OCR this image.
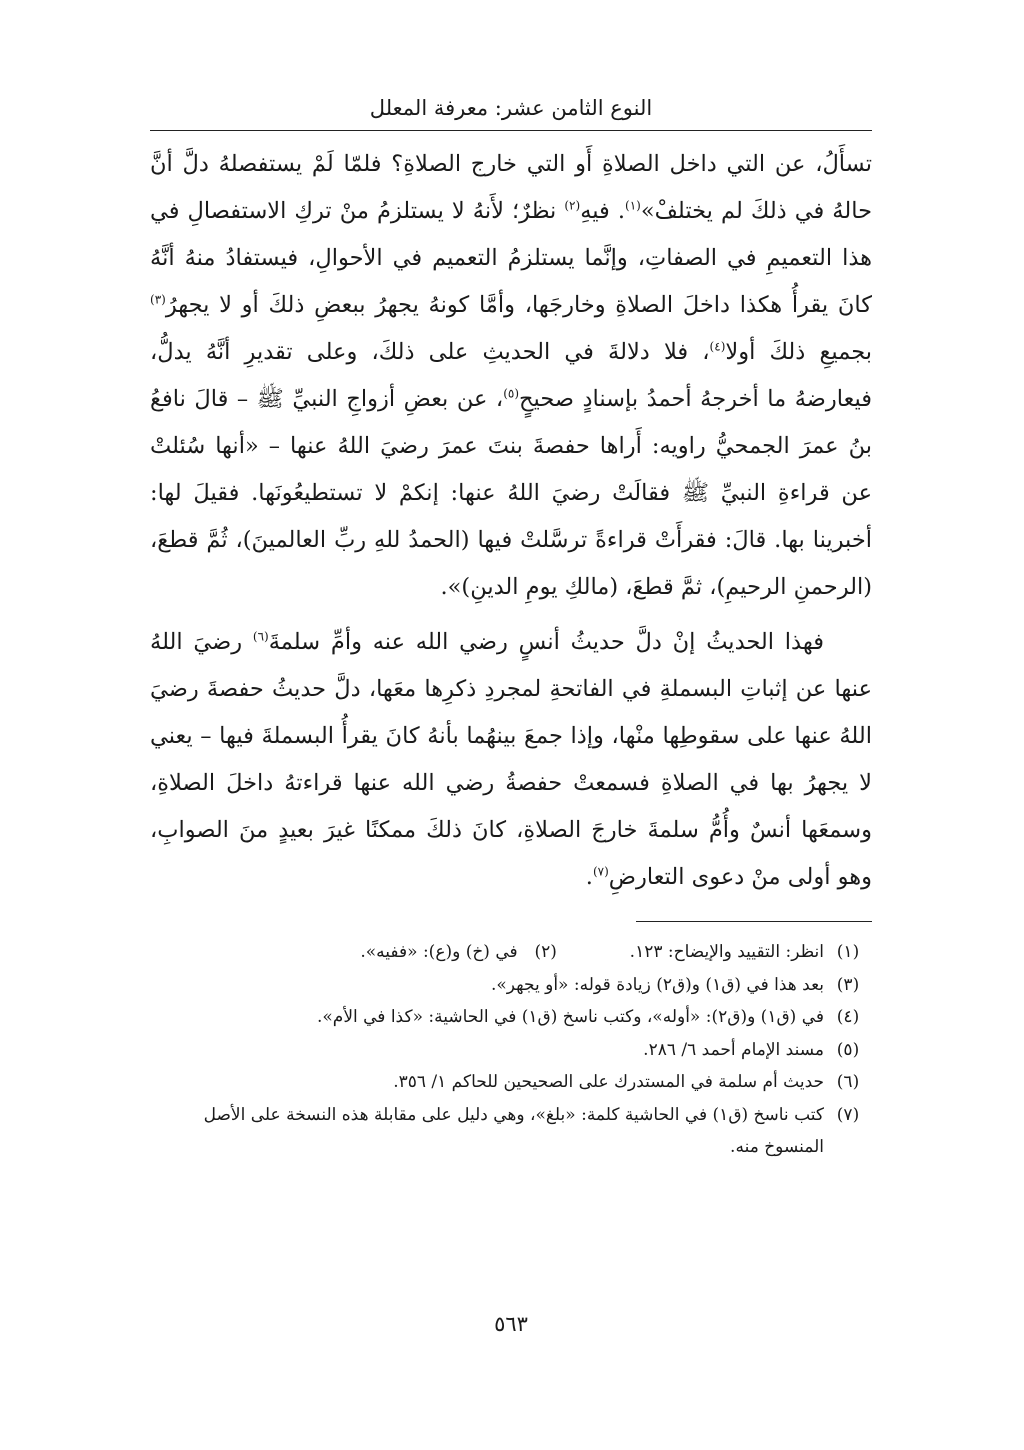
النوع الثامن عشر: معرفة المعلل

تسأَلُ، عن التي داخل الصلاةِ أَو التي خارج الصلاةِ؟ فلمّا لَمْ يستفصلهُ دلَّ أنَّ حالهُ في ذلكَ لم يختلفْ»$^{(١)}$. فيهِ$^{(٢)}$ نظرٌ؛ لأَنهُ لا يستلزمُ منْ تركِ الاستفصالِ في هذا التعميمِ في الصفاتِ، وإنَّما يستلزمُ التعميم في الأحوالِ، فيستفادُ منهُ أنَّهُ كانَ يقرأُ هكذا داخلَ الصلاةِ وخارجَها، وأمَّا كونهُ يجهرُ ببعضِ ذلكَ أو لا يجهرُ$^{(٣)}$ بجميعِ ذلكَ أولا$^{(٤)}$، فلا دلالةَ في الحديثِ على ذلكَ، وعلى تقديرِ أنَّهُ يدلُّ، فيعارضهُ ما أخرجهُ أحمدُ بإسنادٍ صحيحٍ$^{(٥)}$، عن بعضِ أزواجِ النبيِّ ﷺ – قالَ نافعُ بنُ عمرَ الجمحيُّ راويه: أَراها حفصةَ بنتَ عمرَ رضيَ اللهُ عنها – «أنها سُئلتْ عن قراءةِ النبيِّ ﷺ فقالَتْ رضيَ اللهُ عنها: إنكمْ لا تستطيعُونَها. فقيلَ لها: أخبرينا بها. قالَ: فقرأَتْ قراءةً ترسَّلتْ فيها (الحمدُ للهِ ربِّ العالمينَ)، ثُمَّ قطعَ، (الرحمنِ الرحيمِ)، ثمَّ قطعَ، (مالكِ يومِ الدينِ)».

فهذا الحديثُ إنْ دلَّ حديثُ أنسٍ رضي الله عنه وأمِّ سلمةَ$^{(٦)}$ رضيَ اللهُ عنها عن إثباتِ البسملةِ في الفاتحةِ لمجردِ ذكرِها معَها، دلَّ حديثُ حفصةَ رضيَ اللهُ عنها على سقوطِها منْها، وإذا جمعَ بينهُما بأنهُ كانَ يقرأُ البسملةَ فيها – يعني لا يجهرُ بها في الصلاةِ فسمعتْ حفصةُ رضي الله عنها قراءتهُ داخلَ الصلاةِ، وسمعَها أنسٌ وأُمُّ سلمةَ خارجَ الصلاةِ، كانَ ذلكَ ممكنًا غيرَ بعيدٍ منَ الصوابِ، وهو أولى منْ دعوى التعارضِ$^{(٧)}$.

(١)
انظر: التقييد والإيضاح: ١٢٣.(٢)في (خ) و(ع): «ففيه».
(٣)
بعد هذا في (ق١) و(ق٢) زيادة قوله: «أو يجهر».
(٤)
في (ق١) و(ق٢): «أوله»، وكتب ناسخ (ق١) في الحاشية: «كذا في الأم».
(٥)
مسند الإمام أحمد ٦/ ٢٨٦.
(٦)
حديث أم سلمة في المستدرك على الصحيحين للحاكم ١/ ٣٥٦.
(٧)
كتب ناسخ (ق١) في الحاشية كلمة: «بلغ»، وهي دليل على مقابلة هذه النسخة على الأصل المنسوخ منه.
٥٦٣
